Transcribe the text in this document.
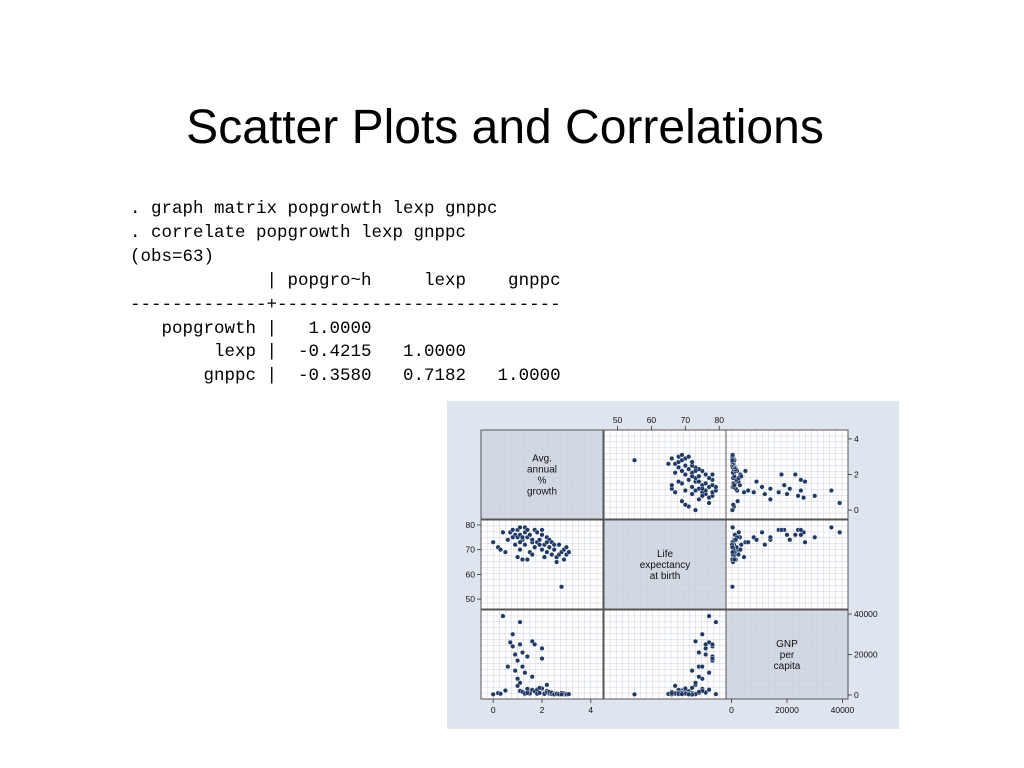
Scatter Plots and Correlations
. graph matrix popgrowth lexp gnppc
. correlate popgrowth lexp gnppc
(obs=63)
| popgro~h     lexp    gnppc
-------------+---------------------------
popgrowth |   1.0000
lexp |  -0.4215   1.0000
gnppc |  -0.3580   0.7182   1.0000
Avg.
annual
%
growth
Life
expectancy
at birth
GNP
per
capita
50	60	70	80
0	2	4	0	20000	40000
0
2
4
50
60
70
80
0
20000
40000
